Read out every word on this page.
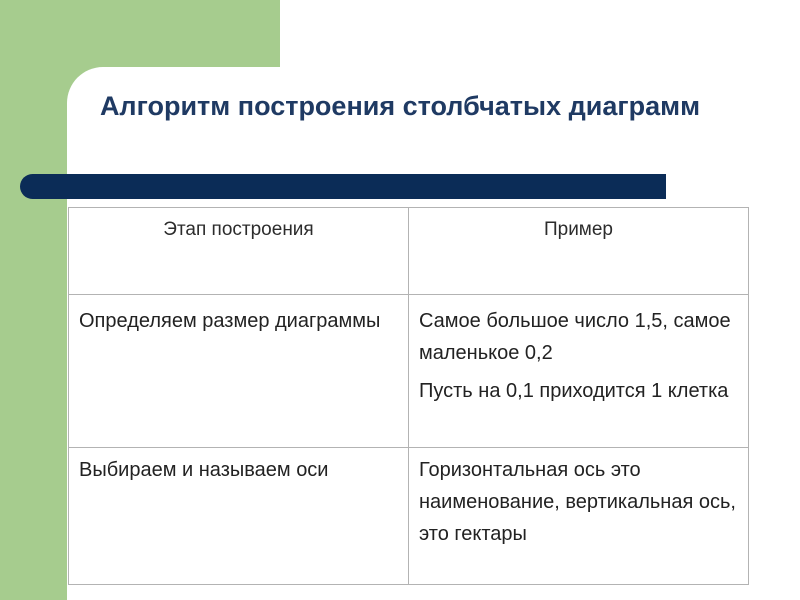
Алгоритм построения столбчатых диаграмм
Этап построения	Пример
Определяем размер диаграммы	Самое большое число 1,5, самое маленькое 0,2
Пусть на 0,1 приходится 1 клетка

Выбираем и называем оси	Горизонтальная ось это наименование, вертикальная ось, это гектары
